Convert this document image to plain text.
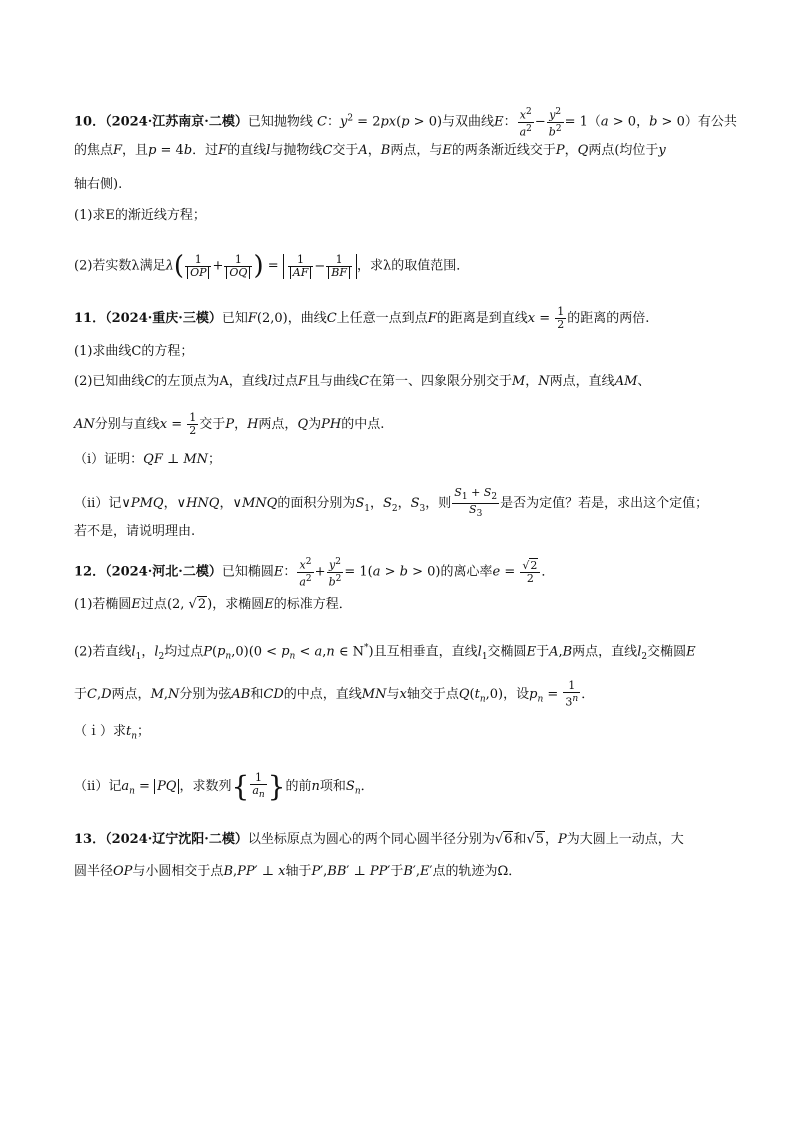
10．（2024·江苏南京·二模）已知抛物线 C：$y^2 = 2px(p > 0)$与双曲线E： $\frac{x^2}{a^2} - \frac{y^2}{b^2} = 1(a > 0$，b > 0）有公共
的焦点F，且p = 4b．过F的直线l与抛物线C交于A，B两点，与E的两条渐近线交于P，Q两点(均位于y
轴右侧).
(1)求E的渐近线方程；
(2)若实数λ满足$\lambda( \frac{1}{OP} + \frac{1}{OQ}$ ) = $\frac{1}{AF} - \frac{1}{BF}$ ，求λ的取值范围．
11．（2024·重庆·三模）已知F(2,0)，曲线C上任意一点到点F的距离是到直线$x = \frac{1}{2}$ 的距离的两倍.
(1)求曲线C的方程；
(2)已知曲线C的左顶点为A，直线l过点F且与曲线C在第一、四象限分别交于M，N两点，直线AM、
AN分别与直线$x = \frac{1}{2}$ 交于P，H两点，Q为PH的中点.
（i）证明：QF ⊥ MN；
（ii）记∨PMQ，∨HNQ，∨MNQ的面积分别为$S_1$，$S_2$，$S_3$，则 $\frac{S_1 + S_2}{S_3}$ 是否为定值？若是，求出这个定值；
若不是，请说明理由.
12．（2024·河北·二模）已知椭圆E： $\frac{x^2}{a^2} + \frac{y^2}{b^2} = 1(a > b > 0)$的离心率$e = \frac{√2}{2}$ ．
(1)若椭圆E过点(2, √2)，求椭圆E的标准方程．
(2)若直线$l_1$，$l_2$均过点$P(p_n,0)(0 < p_n < a,n$ ∈ N*)且互相垂直，直线$l_1$交椭圆E于A,B两点，直线$l_2$交椭圆E
于C,D两点，M,N分别为弦AB和CD的中点，直线MN与x轴交于点$Q(t_n,0)$，设$p_n = \frac{1}{3^n}$ ．
（ｉ）求$t_n$；
（ii）记$a_n$ = PQ ，求数列{ $\frac{1}{a_n}$ }的前n项和$S_n$．
13．（2024·辽宁沈阳·二模）以坐标原点为圆心的两个同心圆半径分别为√6和√5，P为大圆上一动点，大
圆半径OP与小圆相交于点B,PP′ ⊥ x轴于P′,BB′ ⊥ PP′于B′,E′点的轨迹为Ω．
